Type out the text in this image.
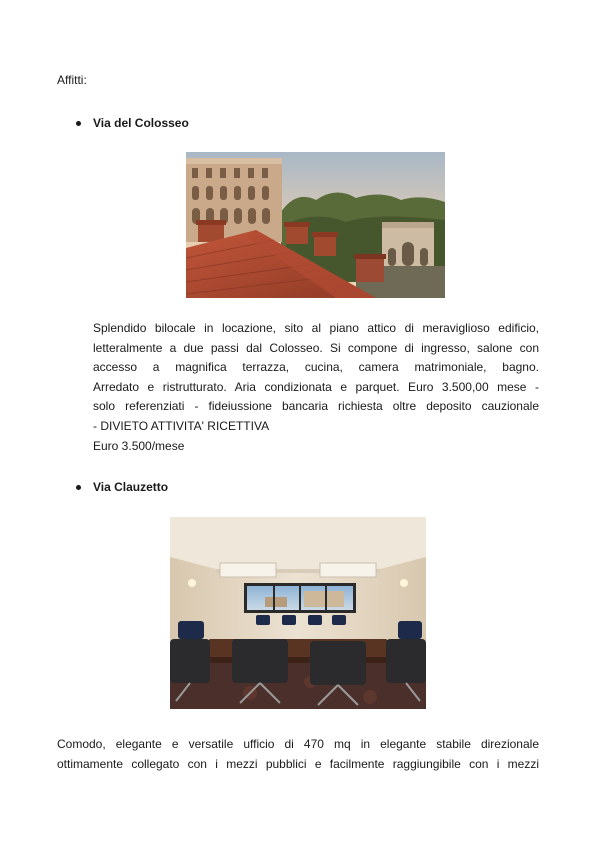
Affitti:
Via del Colosseo
Splendido bilocale in locazione, sito al piano attico di meraviglioso edificio,
letteralmente a due passi dal Colosseo. Si compone di ingresso, salone con
accesso a magnifica terrazza, cucina, camera matrimoniale, bagno.
Arredato e ristrutturato. Aria condizionata e parquet. Euro 3.500,00 mese -
solo referenziati - fideiussione bancaria richiesta oltre deposito cauzionale
- DIVIETO ATTIVITA' RICETTIVA
Euro 3.500/mese
Via Clauzetto
Comodo, elegante e versatile ufficio di 470 mq in elegante stabile direzionale
ottimamente collegato con i mezzi pubblici e facilmente raggiungibile con i mezzi
